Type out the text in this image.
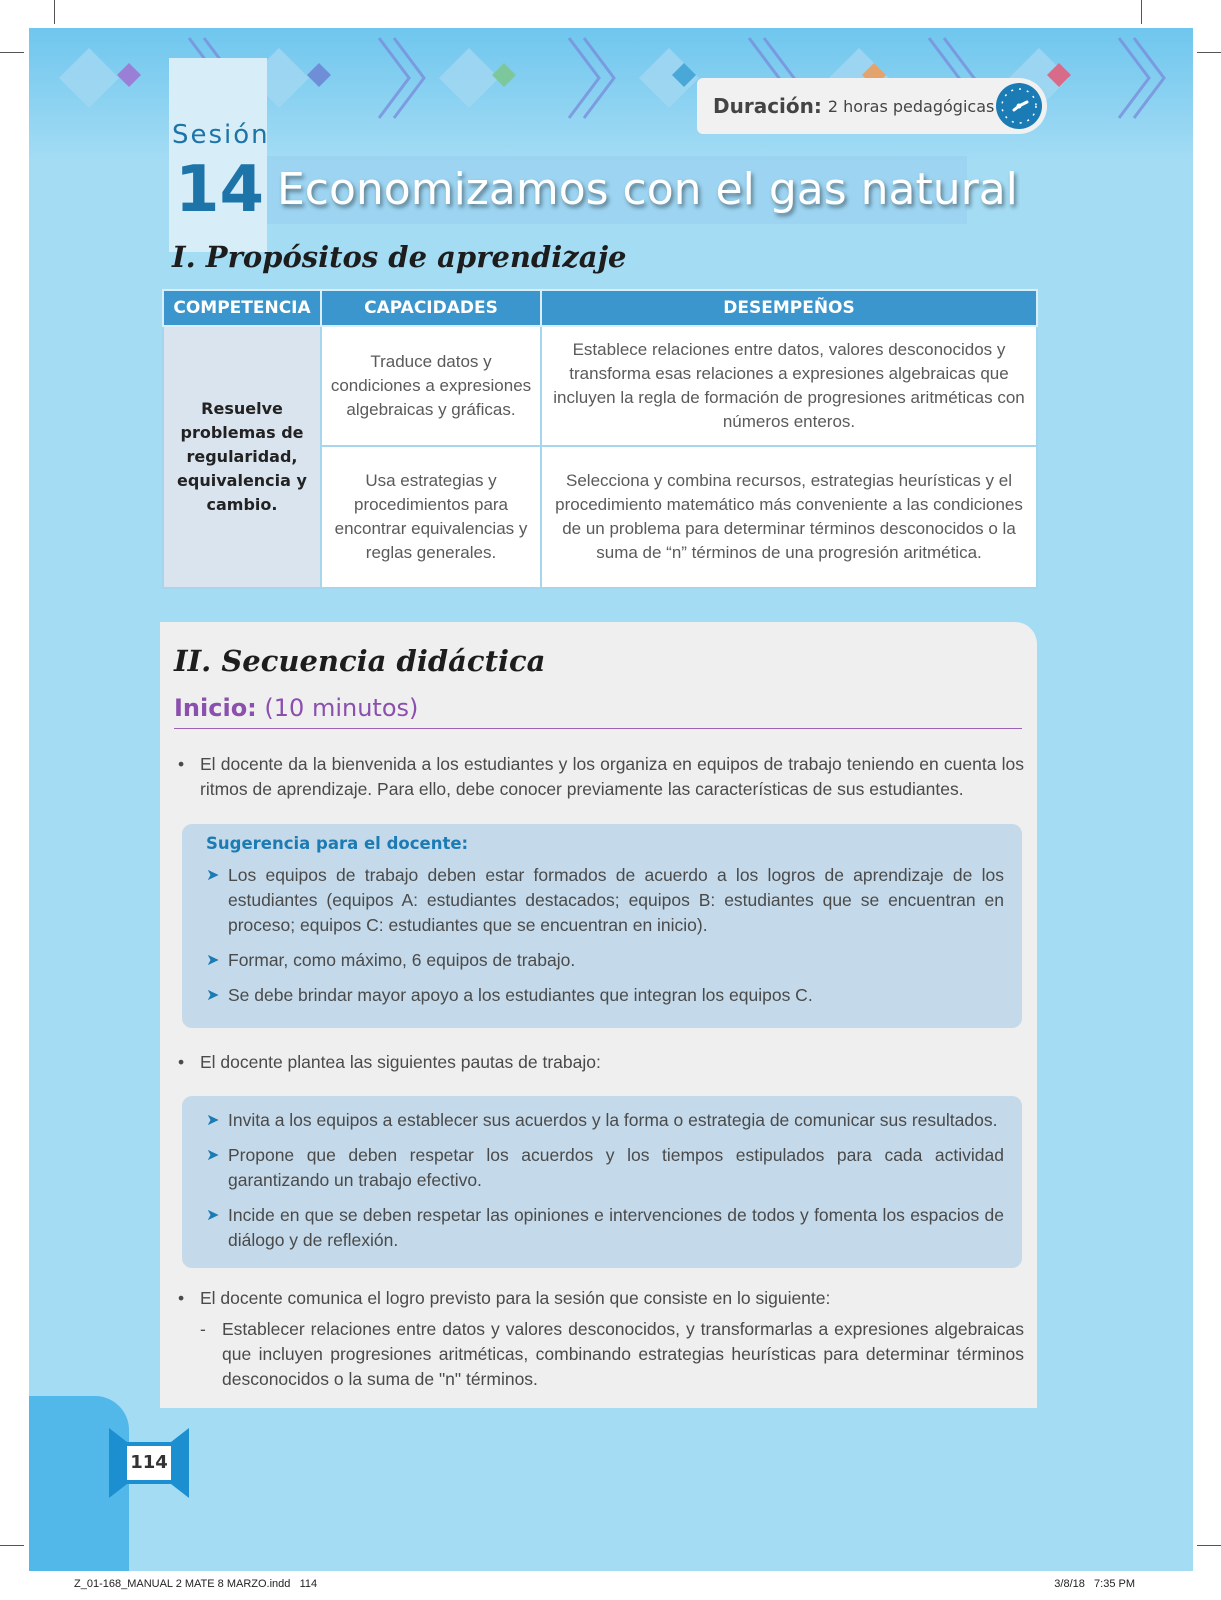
Sesión
14 Economizamos con el gas natural
Duración: 2 horas pedagógicas
I. Propósitos de aprendizaje
COMPETENCIA	CAPACIDADES	DESEMPEÑOS
Resuelve problemas de regularidad, equivalencia y cambio.	Traduce datos y condiciones a expresiones algebraicas y gráficas.	Establece relaciones entre datos, valores desconocidos y transforma esas relaciones a expresiones algebraicas que incluyen la regla de formación de progresiones aritméticas con números enteros.
	Usa estrategias y procedimientos para encontrar equivalencias y reglas generales.	Selecciona y combina recursos, estrategias heurísticas y el procedimiento matemático más conveniente a las condiciones de un problema para determinar términos desconocidos o la suma de “n” términos de una progresión aritmética.
II. Secuencia didáctica
Inicio: (10 minutos)
• El docente da la bienvenida a los estudiantes y los organiza en equipos de trabajo teniendo en cuenta los ritmos de aprendizaje. Para ello, debe conocer previamente las características de sus estudiantes.
Sugerencia para el docente:
➤ Los equipos de trabajo deben estar formados de acuerdo a los logros de aprendizaje de los estudiantes (equipos A: estudiantes destacados; equipos B: estudiantes que se encuentran en proceso; equipos C: estudiantes que se encuentran en inicio).
➤ Formar, como máximo, 6 equipos de trabajo.
➤ Se debe brindar mayor apoyo a los estudiantes que integran los equipos C.
• El docente plantea las siguientes pautas de trabajo:
➤ Invita a los equipos a establecer sus acuerdos y la forma o estrategia de comunicar sus resultados.
➤ Propone que deben respetar los acuerdos y los tiempos estipulados para cada actividad garantizando un trabajo efectivo.
➤ Incide en que se deben respetar las opiniones e intervenciones de todos y fomenta los espacios de diálogo y de reflexión.
• El docente comunica el logro previsto para la sesión que consiste en lo siguiente:
- Establecer relaciones entre datos y valores desconocidos, y transformarlas a expresiones algebraicas que incluyen progresiones aritméticas, combinando estrategias heurísticas para determinar términos desconocidos o la suma de "n" términos.
114
Z_01-168_MANUAL 2 MATE 8 MARZO.indd   114	3/8/18   7:35 PM
